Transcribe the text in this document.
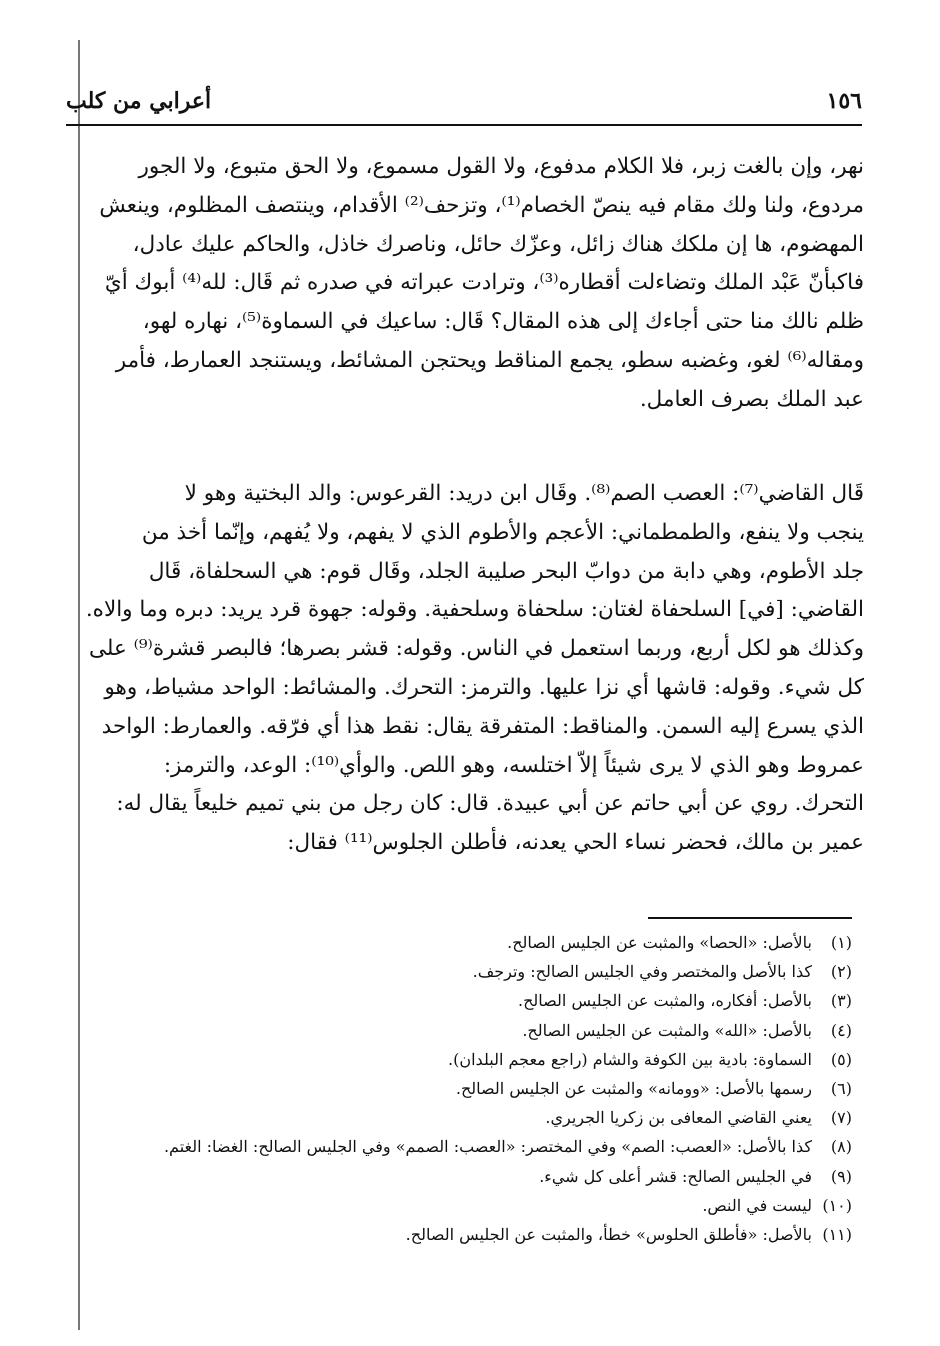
١٥٦
أعرابي من كلب
نهر، وإن بالغت زبر، فلا الكلام مدفوع، ولا القول مسموع، ولا الحق متبوع، ولا الجور
مردوع، ولنا ولك مقام فيه ينصّ الخصام⁽¹⁾، وتزحف⁽²⁾ الأقدام، وينتصف المظلوم، وينعش
المهضوم، ها إن ملكك هناك زائل، وعزّك حائل، وناصرك خاذل، والحاكم عليك عادل،
فاكبأنّ عَبْد الملك وتضاءلت أقطاره⁽³⁾، وترادت عبراته في صدره ثم قَال: لله⁽⁴⁾ أبوك أيّ
ظلم نالك منا حتى أجاءك إلى هذه المقال؟ قَال: ساعيك في السماوة⁽⁵⁾، نهاره لهو،
ومقاله⁽⁶⁾ لغو، وغضبه سطو، يجمع المناقط ويحتجن المشائط، ويستنجد العمارط، فأمر
عبد الملك بصرف العامل.
قَال القاضي⁽⁷⁾: العصب الصم⁽⁸⁾. وقَال ابن دريد: القرعوس: والد البختية وهو لا
ينجب ولا ينفع، والطمطماني: الأعجم والأطوم الذي لا يفهم، ولا يُفهم، وإنّما أخذ من
جلد الأطوم، وهي دابة من دوابّ البحر صليبة الجلد، وقَال قوم: هي السحلفاة، قَال
القاضي: [في] السلحفاة لغتان: سلحفاة وسلحفية. وقوله: جهوة قرد يريد: دبره وما والاه.
وكذلك هو لكل أربع، وربما استعمل في الناس. وقوله: قشر بصرها؛ فالبصر قشرة⁽⁹⁾ على
كل شيء. وقوله: قاشها أي نزا عليها. والترمز: التحرك. والمشائط: الواحد مشياط، وهو
الذي يسرع إليه السمن. والمناقط: المتفرقة يقال: نقط هذا أي فرّقه. والعمارط: الواحد
عمروط وهو الذي لا يرى شيئاً إلاّ اختلسه، وهو اللص. والوأي⁽¹⁰⁾: الوعد، والترمز:
التحرك. روي عن أبي حاتم عن أبي عبيدة. قال: كان رجل من بني تميم خليعاً يقال له:
عمير بن مالك، فحضر نساء الحي يعدنه، فأطلن الجلوس⁽¹¹⁾ فقال:
(١)بالأصل: «الحصا» والمثبت عن الجليس الصالح.
(٢)كذا بالأصل والمختصر وفي الجليس الصالح: وترجف.
(٣)بالأصل: أفكاره، والمثبت عن الجليس الصالح.
(٤)بالأصل: «الله» والمثبت عن الجليس الصالح.
(٥)السماوة: بادية بين الكوفة والشام (راجع معجم البلدان).
(٦)رسمها بالأصل: «وومانه» والمثبت عن الجليس الصالح.
(٧)يعني القاضي المعافى بن زكريا الجريري.
(٨)كذا بالأصل: «العصب: الصم» وفي المختصر: «العصب: الصمم» وفي الجليس الصالح: الغضا: الغتم.
(٩)في الجليس الصالح: قشر أعلى كل شيء.
(١٠)ليست في النص.
(١١)بالأصل: «فأطلق الحلوس» خطأ، والمثبت عن الجليس الصالح.
